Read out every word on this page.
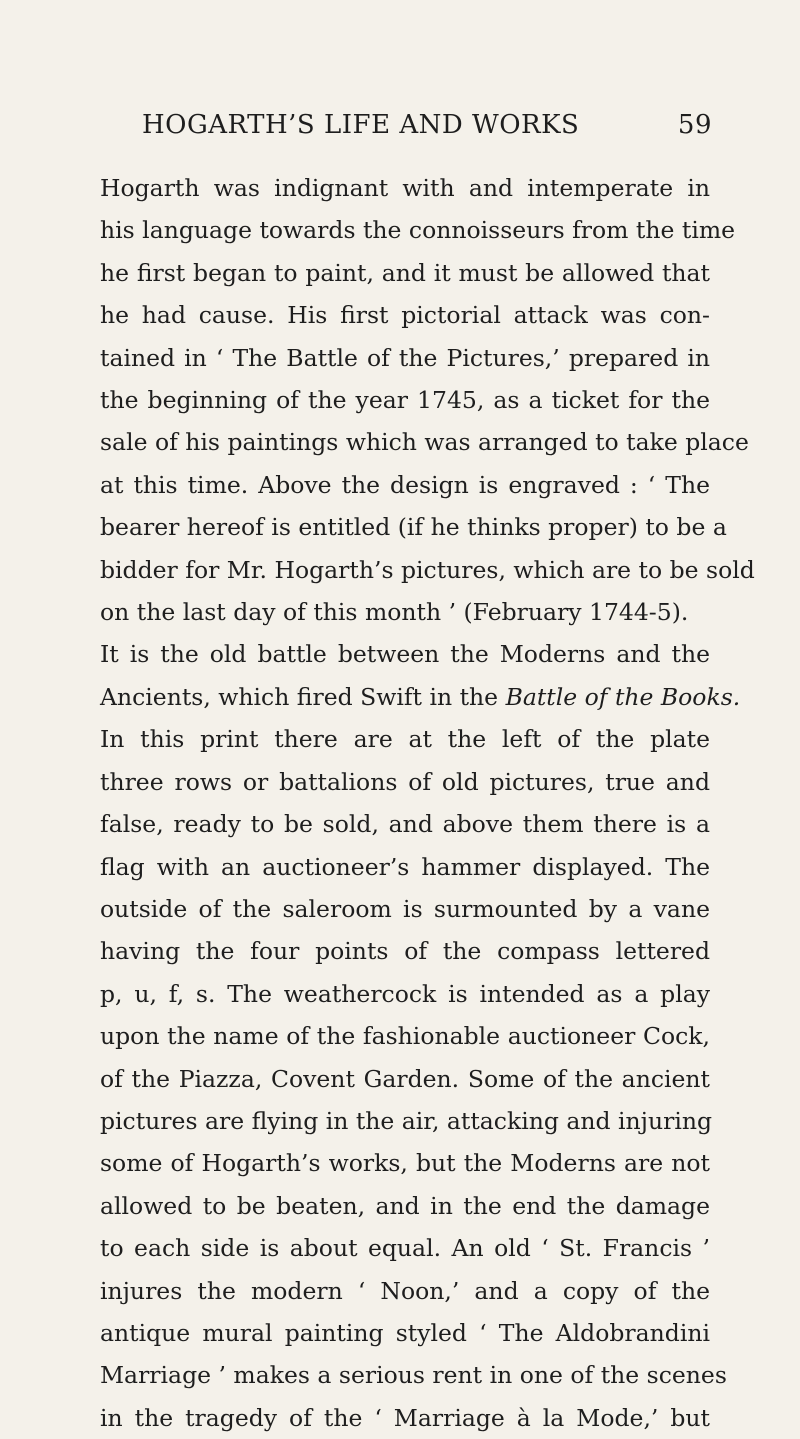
HOGARTH’S LIFE AND WORKS	59
Hogarth was indignant with and intemperate in
his language towards the connoisseurs from the time
he first began to paint, and it must be allowed that
he had cause. His first pictorial attack was con-
tained in ‘ The Battle of the Pictures,’ prepared in
the beginning of the year 1745, as a ticket for the
sale of his paintings which was arranged to take place
at this time. Above the design is engraved : ‘ The
bearer hereof is entitled (if he thinks proper) to be a
bidder for Mr. Hogarth’s pictures, which are to be sold
on the last day of this month ’ (February 1744-5).
It is the old battle between the Moderns and the
Ancients, which fired Swift in the Battle of the Books.
In this print there are at the left of the plate
three rows or battalions of old pictures, true and
false, ready to be sold, and above them there is a
flag with an auctioneer’s hammer displayed. The
outside of the saleroom is surmounted by a vane
having the four points of the compass lettered
p, u, f, s. The weathercock is intended as a play
upon the name of the fashionable auctioneer Cock,
of the Piazza, Covent Garden. Some of the ancient
pictures are flying in the air, attacking and injuring
some of Hogarth’s works, but the Moderns are not
allowed to be beaten, and in the end the damage
to each side is about equal. An old ‘ St. Francis ’
injures the modern ‘ Noon,’ and a copy of the
antique mural painting styled ‘ The Aldobrandini
Marriage ’ makes a serious rent in one of the scenes
in the tragedy of the ‘ Marriage à la Mode,’ but
